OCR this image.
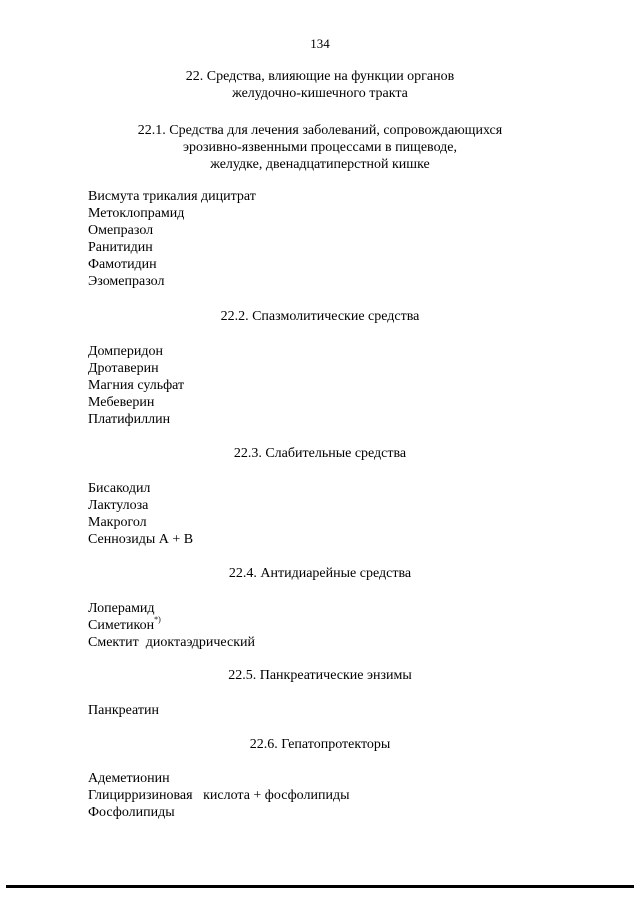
134
22. Средства, влияющие на функции органов
желудочно-кишечного тракта
22.1. Средства для лечения заболеваний, сопровождающихся
эрозивно-язвенными процессами в пищеводе,
желудке, двенадцатиперстной кишке
Висмута трикалия дицитрат
Метоклопрамид
Омепразол
Ранитидин
Фамотидин
Эзомепразол
22.2. Спазмолитические средства
Домперидон
Дротаверин
Магния сульфат
Мебеверин
Платифиллин
22.3. Слабительные средства
Бисакодил
Лактулоза
Макрогол
Сеннозиды А + В
22.4. Антидиарейные средства
Лоперамид
Симетикон*)
Смектит  диоктаэдрический
22.5. Панкреатические энзимы
Панкреатин
22.6. Гепатопротекторы
Адеметионин
Глицирризиновая   кислота + фосфолипиды
Фосфолипиды
